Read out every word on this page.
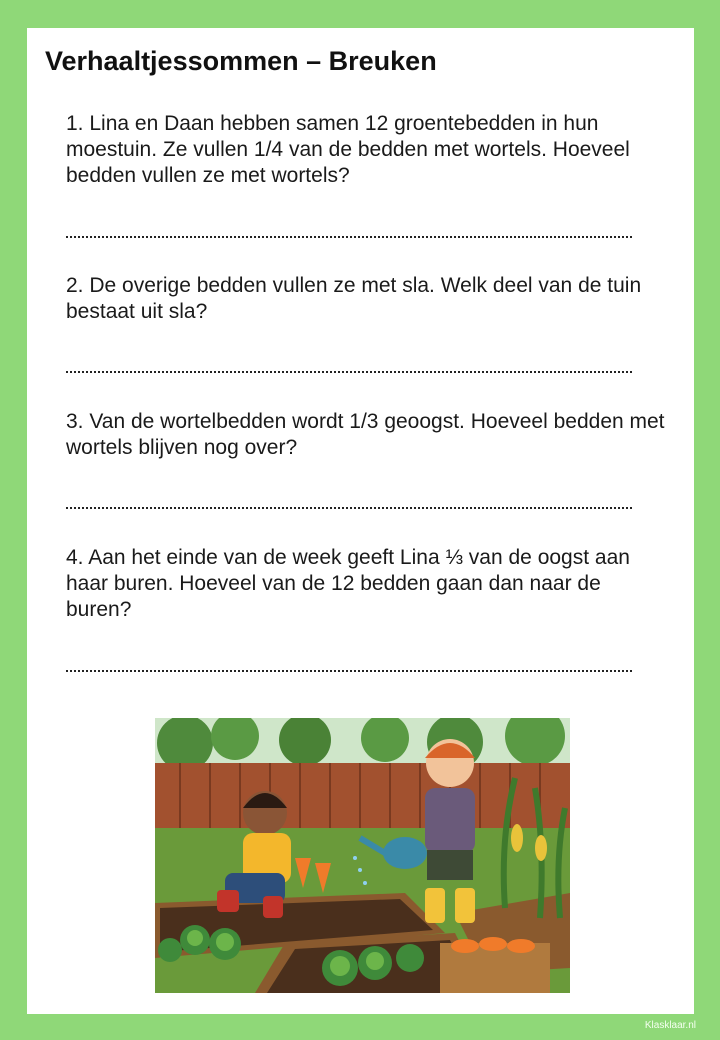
Verhaaltjessommen – Breuken

1. Lina en Daan hebben samen 12 groentebedden in hun moestuin. Ze vullen 1/4 van de bedden met wortels. Hoeveel bedden vullen ze met wortels?

2. De overige bedden vullen ze met sla. Welk deel van de tuin bestaat uit sla?

3. Van de wortelbedden wordt 1/3 geoogst. Hoeveel bedden met wortels blijven nog over?

4. Aan het einde van de week geeft Lina ⅓ van de oogst aan haar buren. Hoeveel van de 12 bedden gaan dan naar de buren?

Klasklaar.nl
